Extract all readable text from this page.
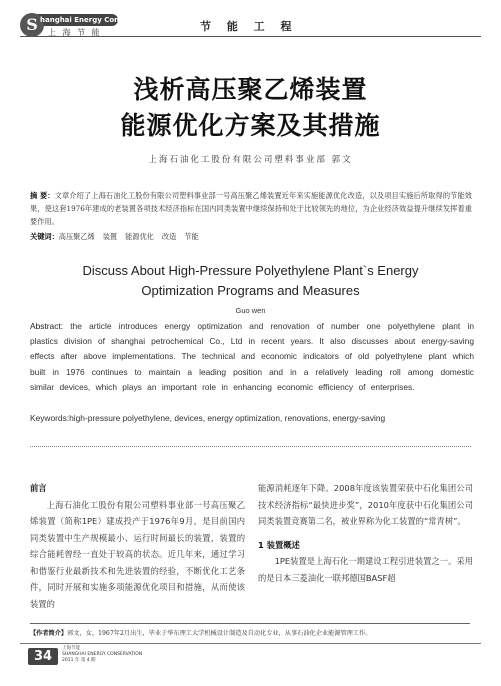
S hanghai Energy Conservation
上 海 节 能	节 能 工 程
浅析高压聚乙烯装置
能源优化方案及其措施
上海石油化工股份有限公司塑料事业部 郭文
摘 要：文章介绍了上海石油化工股份有限公司塑料事业部一号高压聚乙烯装置近年来实施能源优化改造，以及项目实施后所取得的节能效果，使这套1976年建成的老装置各项技术经济指标在国内同类装置中继续保持和处于比较领先的地位，为企业经济效益提升继续发挥着重要作用。
关键词：高压聚乙烯 装置 能源优化 改造 节能
Discuss About High-Pressure Polyethylene Plant`s Energy
Optimization Programs and Measures
Guo wen
Abstract: the article introduces energy optimization and renovation of number one polyethylene plant in plastics division of shanghai petrochemical Co., Ltd in recent years. It also discusses about energy-saving effects after above implementations. The technical and economic indicators of old polyethylene plant which built in 1976 continues to maintain a leading position and in a relatively leading roll among domestic similar devices, which plays an important role in enhancing economic efficiency of enterprises.
Keywords:high-pressure polyethylene, devices, energy optimization, renovations, energy-saving
前言

上海石油化工股份有限公司塑料事业部一号高压聚乙烯装置（简称1PE）建成投产于1976年9月，是目前国内同类装置中生产规模最小、运行时间最长的装置，装置的综合能耗曾经一直处于较高的状态。近几年来，通过学习和借鉴行业最新技术和先进装置的经验，不断优化工艺条件，同时开展和实施多项能源优化项目和措施，从而使该装置的

能源消耗逐年下降。2008年度该装置荣获中石化集团公司技术经济指标“最快进步奖”，2010年度获中石化集团公司同类装置竞赛第二名，被业界称为化工装置的“常青树”。

1 装置概述

1PE装置是上海石化一期建设工程引进装置之一。采用的是日本三菱油化一联邦德国BASF超

【作者简介】郭文，女，1967年2月出生，毕业于华东理工大学机械设计制造及自动化专业，从事石油化企业能源管理工作。
34
上海节能
SHANGHAI ENERGY CONSERVATION
2011 年 第 4 期
